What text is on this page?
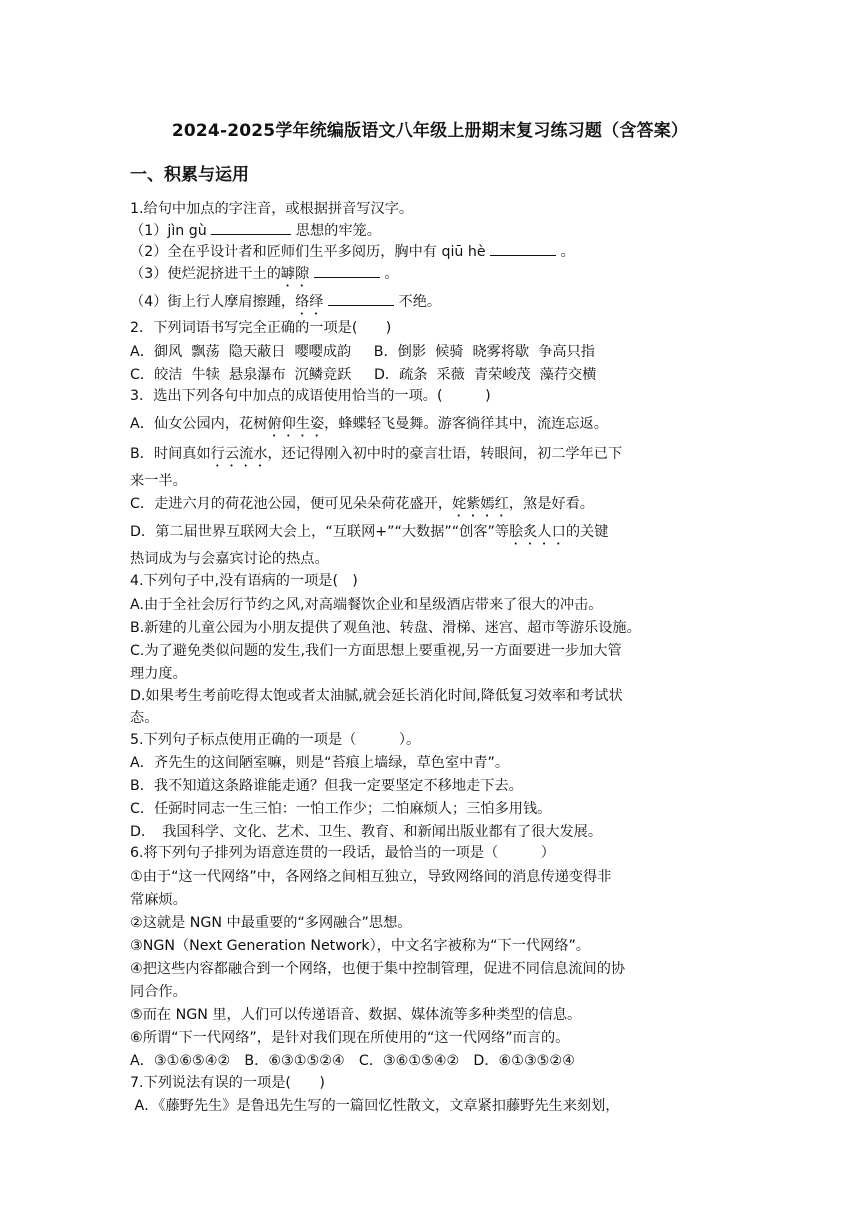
2024-2025学年统编版语文八年级上册期末复习练习题（含答案）
一、积累与运用
1.给句中加点的字注音，或根据拼音写汉字。
（1）jìn gù	思想的牢笼。
（2）全在乎设计者和匠师们生平多阅历，胸中有 qiū hè	。
（3）使烂泥挤进干土的罅隙	。
（4）街上行人摩肩擦踵，络绎	不绝。
2．下列词语书写完全正确的一项是(　　)
A．御风  飘荡  隐天蔽日  嘤嘤成韵     B．倒影  候骑  晓雾将歇  争高只指
C．皎洁  牛犊  悬泉瀑布  沉鳞竞跃     D．疏条  采薇  青荣峻茂  藻荇交横
3．选出下列各句中加点的成语使用恰当的一项。(　　　)
A．仙女公园内，花树俯仰生姿，蜂蝶轻飞曼舞。游客徜徉其中，流连忘返。
B．时间真如行云流水，还记得刚入初中时的豪言壮语，转眼间，初二学年已下
来一半。
C．走进六月的荷花池公园，便可见朵朵荷花盛开，姹紫嫣红，煞是好看。
D．第二届世界互联网大会上，“互联网+”“大数据”“创客”等脍炙人口的关键
热词成为与会嘉宾讨论的热点。
4.下列句子中,没有语病的一项是(　)
A.由于全社会厉行节约之风,对高端餐饮企业和星级酒店带来了很大的冲击。
B.新建的儿童公园为小朋友提供了观鱼池、转盘、滑梯、迷宫、超市等游乐设施。
C.为了避免类似问题的发生,我们一方面思想上要重视,另一方面要进一步加大管
理力度。
D.如果考生考前吃得太饱或者太油腻,就会延长消化时间,降低复习效率和考试状
态。
5.下列句子标点使用正确的一项是（　　　）。
A．齐先生的这间陋室嘛，则是“苔痕上墙绿，草色室中青”。
B．我不知道这条路谁能走通？但我一定要坚定不移地走下去。
C．任弼时同志一生三怕：一怕工作少；二怕麻烦人；三怕多用钱。
D．　我国科学、文化、艺术、卫生、教育、和新闻出版业都有了很大发展。
6.将下列句子排列为语意连贯的一段话，最恰当的一项是（　　　）
①由于“这一代网络”中，各网络之间相互独立，导致网络间的消息传递变得非
常麻烦。
②这就是 NGN 中最重要的“多网融合”思想。
③NGN（Next Generation Network），中文名字被称为“下一代网络”。
④把这些内容都融合到一个网络，也便于集中控制管理，促进不同信息流间的协
同合作。
⑤而在 NGN 里，人们可以传递语音、数据、媒体流等多种类型的信息。
⑥所谓“下一代网络”，是针对我们现在所使用的“这一代网络”而言的。
A．③①⑥⑤④②　B．⑥③①⑤②④　C．③⑥①⑤④②　D．⑥①③⑤②④
7.下列说法有误的一项是(　　)
A．《藤野先生》是鲁迅先生写的一篇回忆性散文，文章紧扣藤野先生来刻划，
